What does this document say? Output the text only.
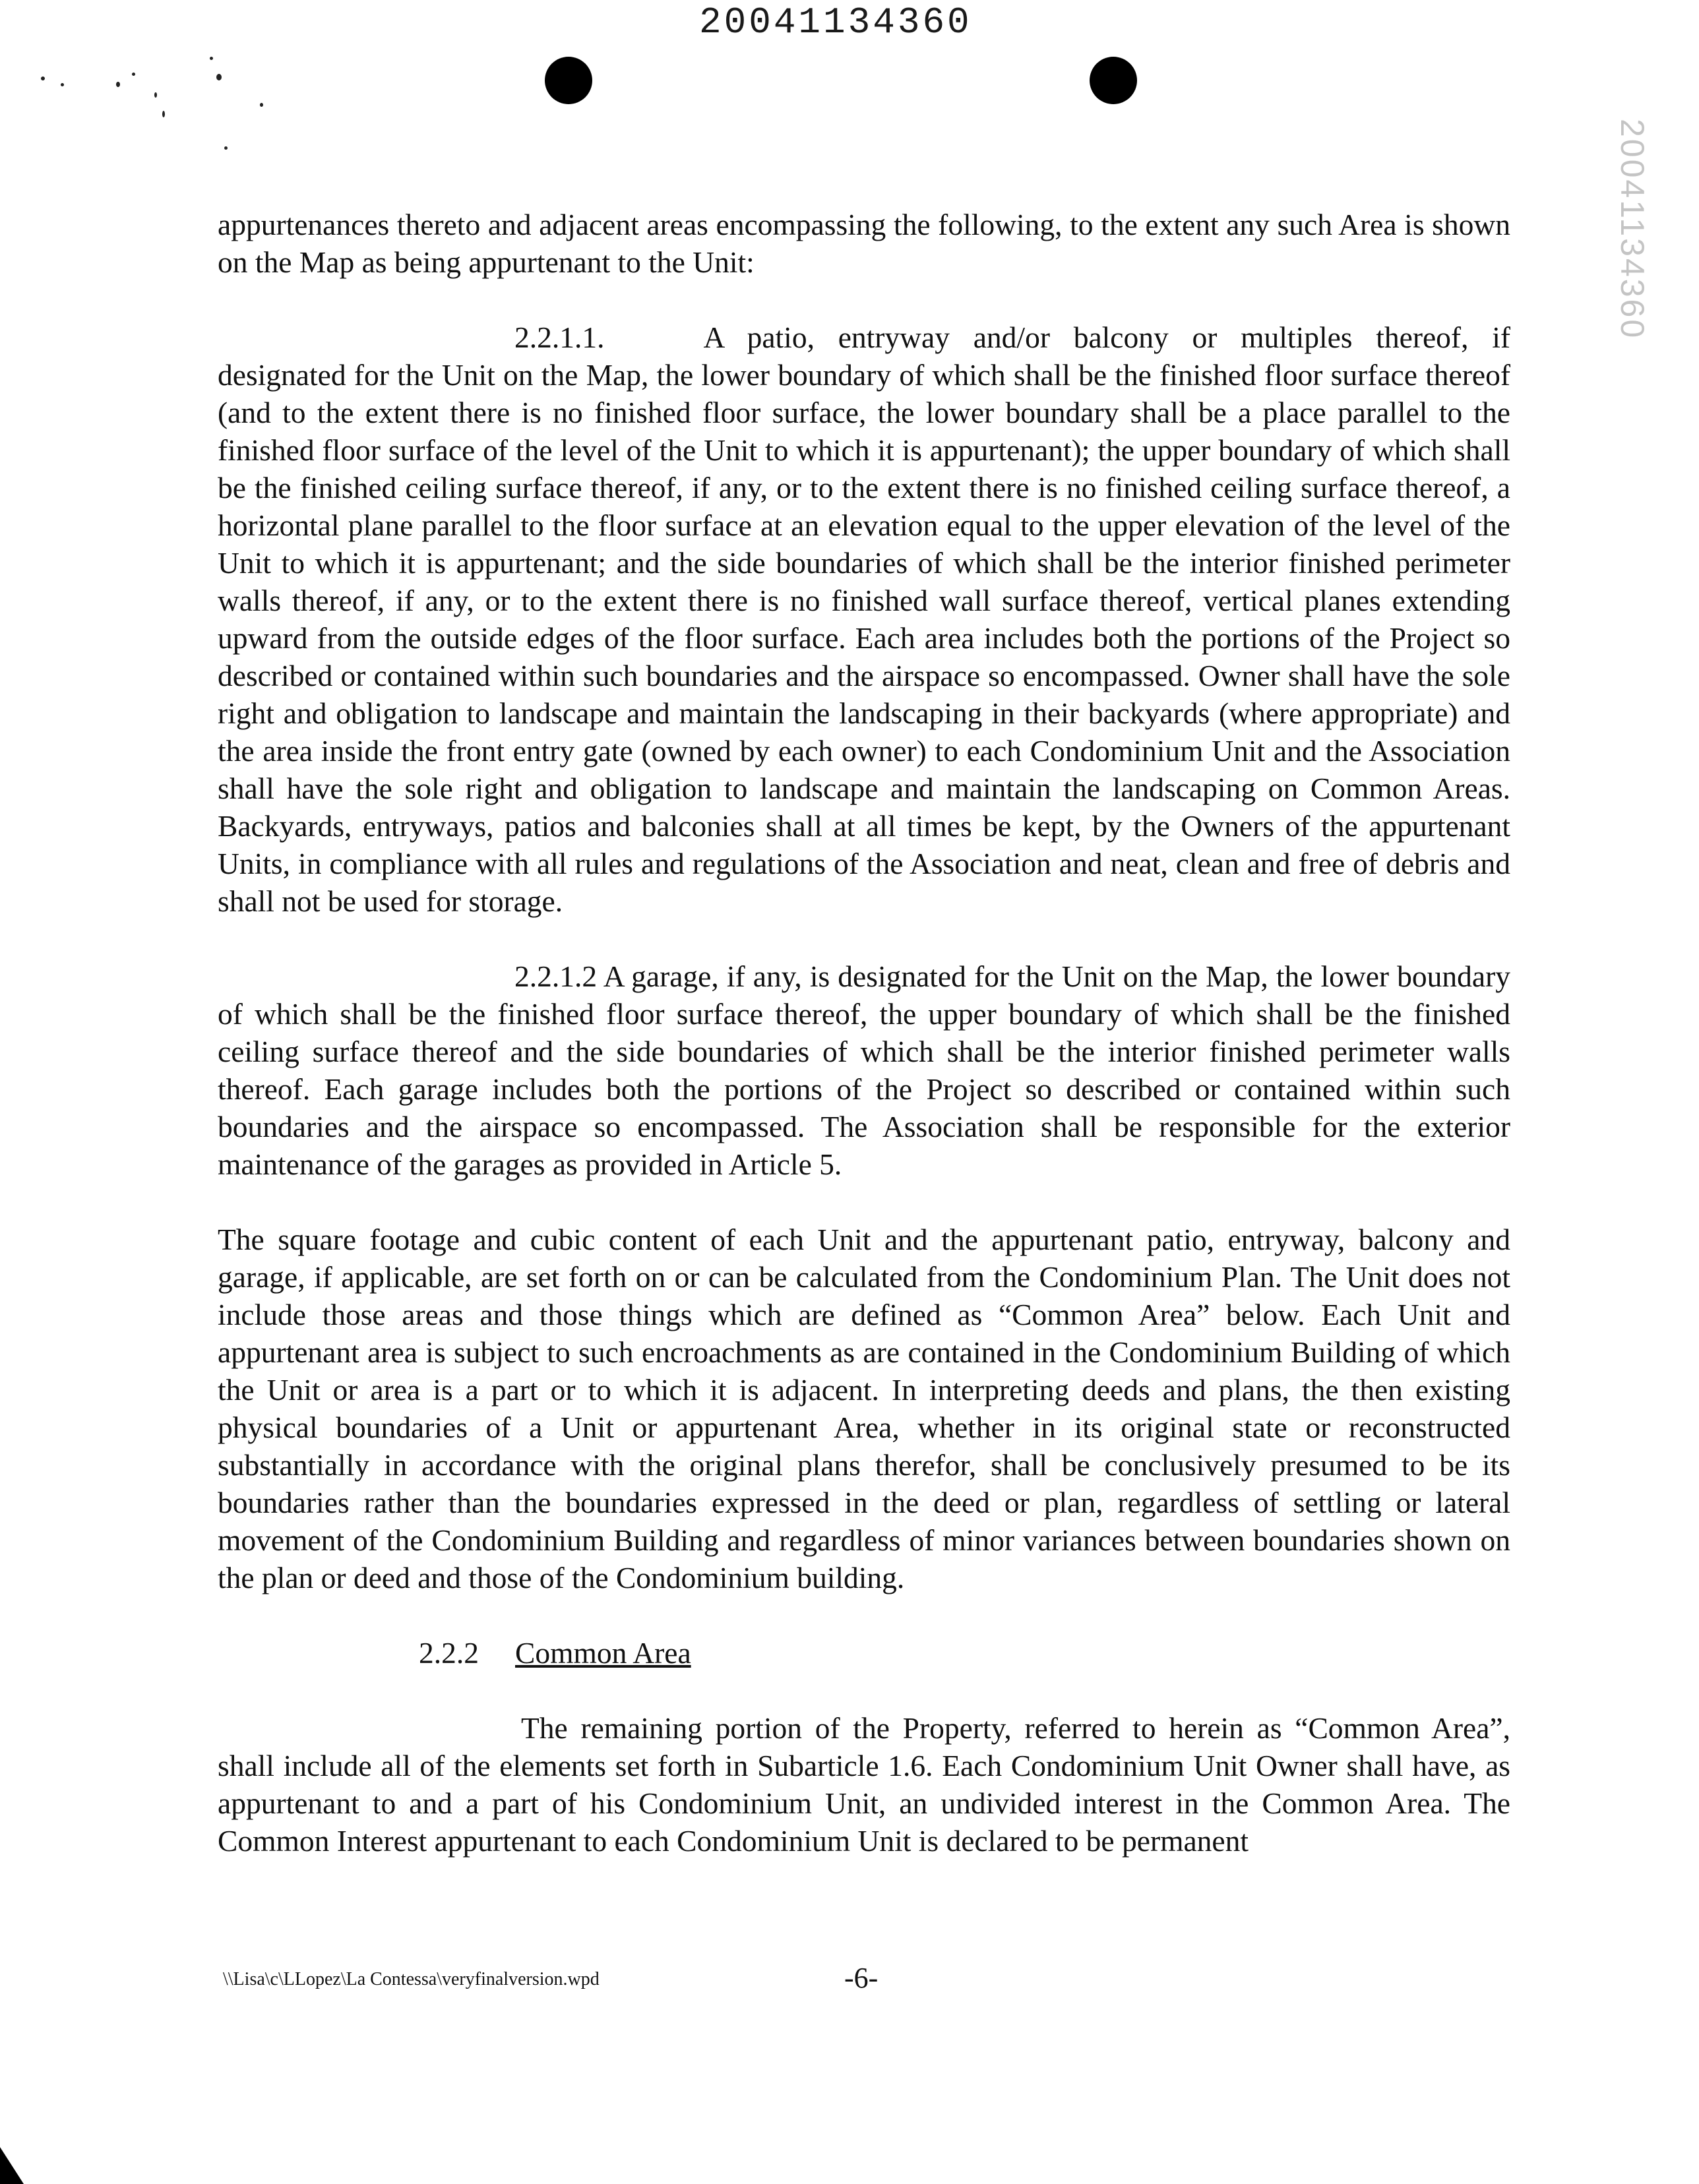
20041134360
20041134360

appurtenances thereto and adjacent areas encompassing the following, to the extent any such Area is shown on the Map as being appurtenant to the Unit:

2.2.1.1.	A patio, entryway and/or balcony or multiples thereof, if designated for the Unit on the Map, the lower boundary of which shall be the finished floor surface thereof (and to the extent there is no finished floor surface, the lower boundary shall be a place parallel to the finished floor surface of the level of the Unit to which it is appurtenant); the upper boundary of which shall be the finished ceiling surface thereof, if any, or to the extent there is no finished ceiling surface thereof, a horizontal plane parallel to the floor surface at an elevation equal to the upper elevation of the level of the Unit to which it is appurtenant; and the side boundaries of which shall be the interior finished perimeter walls thereof, if any, or to the extent there is no finished wall surface thereof, vertical planes extending upward from the outside edges of the floor surface. Each area includes both the portions of the Project so described or contained within such boundaries and the airspace so encompassed. Owner shall have the sole right and obligation to landscape and maintain the landscaping in their backyards (where appropriate) and the area inside the front entry gate (owned by each owner) to each Condominium Unit and the Association shall have the sole right and obligation to landscape and maintain the landscaping on Common Areas. Backyards, entryways, patios and balconies shall at all times be kept, by the Owners of the appurtenant Units, in compliance with all rules and regulations of the Association and neat, clean and free of debris and shall not be used for storage.

2.2.1.2 A garage, if any, is designated for the Unit on the Map, the lower boundary of which shall be the finished floor surface thereof, the upper boundary of which shall be the finished ceiling surface thereof and the side boundaries of which shall be the interior finished perimeter walls thereof. Each garage includes both the portions of the Project so described or contained within such boundaries and the airspace so encompassed. The Association shall be responsible for the exterior maintenance of the garages as provided in Article 5.

The square footage and cubic content of each Unit and the appurtenant patio, entryway, balcony and garage, if applicable, are set forth on or can be calculated from the Condominium Plan. The Unit does not include those areas and those things which are defined as “Common Area” below. Each Unit and appurtenant area is subject to such encroachments as are contained in the Condominium Building of which the Unit or area is a part or to which it is adjacent. In interpreting deeds and plans, the then existing physical boundaries of a Unit or appurtenant Area, whether in its original state or reconstructed substantially in accordance with the original plans therefor, shall be conclusively presumed to be its boundaries rather than the boundaries expressed in the deed or plan, regardless of settling or lateral movement of the Condominium Building and regardless of minor variances between boundaries shown on the plan or deed and those of the Condominium building.

2.2.2 Common Area

The remaining portion of the Property, referred to herein as “Common Area”, shall include all of the elements set forth in Subarticle 1.6. Each Condominium Unit Owner shall have, as appurtenant to and a part of his Condominium Unit, an undivided interest in the Common Area. The Common Interest appurtenant to each Condominium Unit is declared to be permanent

\\Lisa\c\LLopez\La Contessa\veryfinalversion.wpd	-6-
